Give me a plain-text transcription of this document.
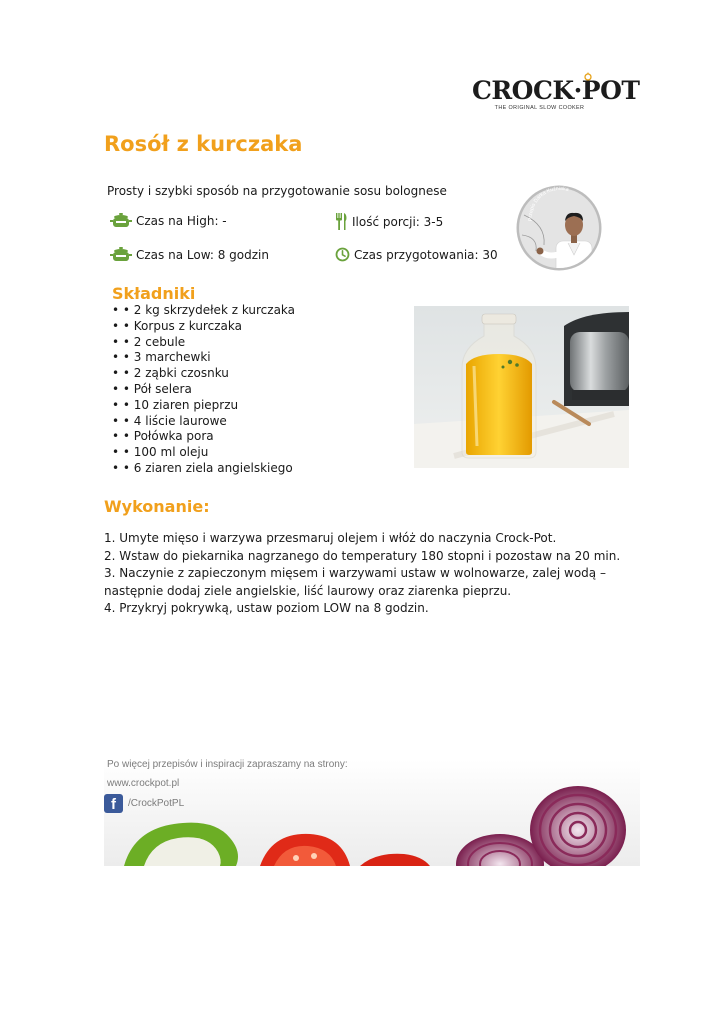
CROCK·POT
THE ORIGINAL SLOW COOKER
Rosół z kurczaka
Prosty i szybki sposób na przygotowanie sosu bolognese
Czas na High: -
Czas na Low: 8 godzin
Ilość porcji: 3-5
Czas przygotowania: 30
Przepis Darka Kuźniaka
Składniki
• • 2 kg skrzydełek z kurczaka
• • Korpus z kurczaka
• • 2 cebule
• • 3 marchewki
• • 2 ząbki czosnku
• • Pół selera
• • 10 ziaren pieprzu
• • 4 liście laurowe
• • Połówka pora
• • 100 ml oleju
• • 6 ziaren ziela angielskiego
Wykonanie:
1. Umyte mięso i warzywa przesmaruj olejem i włóż do naczynia Crock-Pot.
2. Wstaw do piekarnika nagrzanego do temperatury 180 stopni i pozostaw na 20 min.
3. Naczynie z zapieczonym mięsem i warzywami ustaw w wolnowarze, zalej wodą – następnie dodaj ziele angielskie, liść laurowy oraz ziarenka pieprzu.
4. Przykryj pokrywką, ustaw poziom LOW na 8 godzin.
Po więcej przepisów i inspiracji zapraszamy na strony:
www.crockpot.pl
f	/CrockPotPL
